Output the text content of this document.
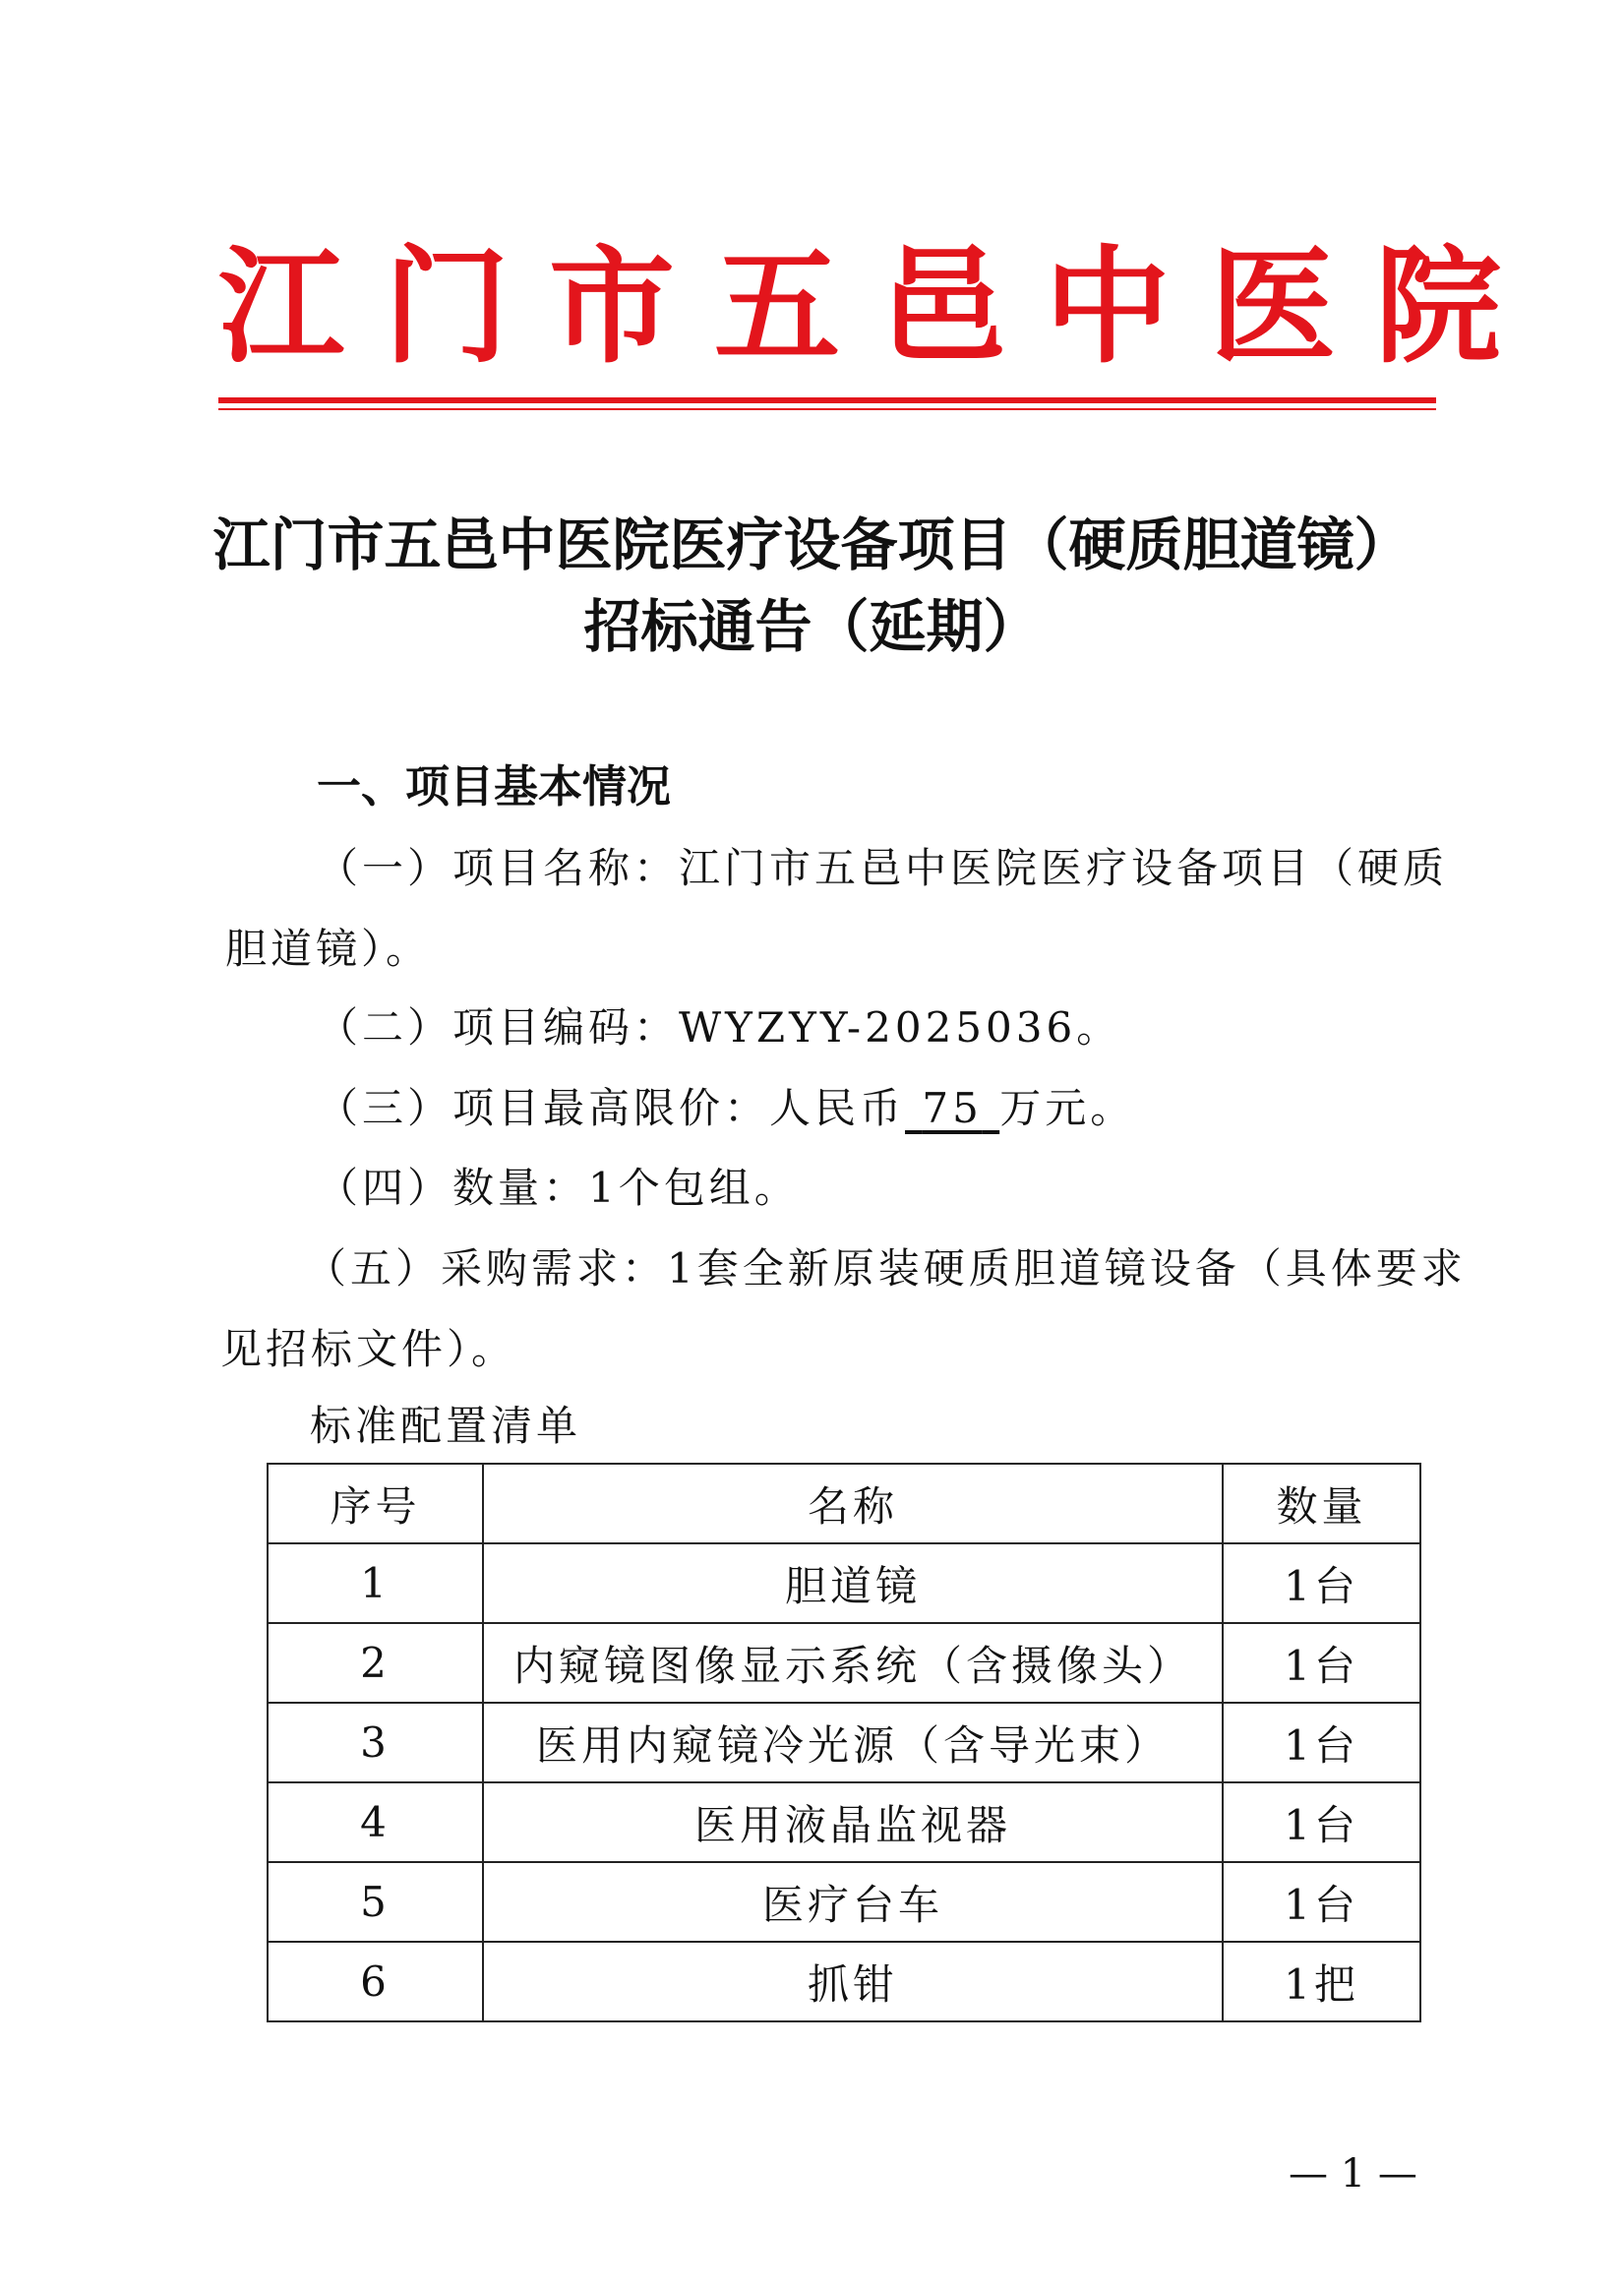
江门市五邑中医院
江门市五邑中医院医疗设备项目（硬质胆道镜）
招标通告（延期）
一、项目基本情况
（一）项目名称：江门市五邑中医院医疗设备项目（硬质
胆道镜）。
（二）项目编码：WYZYY-2025036。
（三）项目最高限价：人民币 75 万元。
（四）数量：1个包组。
（五）采购需求：1套全新原装硬质胆道镜设备（具体要求
见招标文件）。
标准配置清单
序号	名称	数量
1	胆道镜	1台
2	内窥镜图像显示系统（含摄像头）	1台
3	医用内窥镜冷光源（含导光束）	1台
4	医用液晶监视器	1台
5	医疗台车	1台
6	抓钳	1把
— 1 —
